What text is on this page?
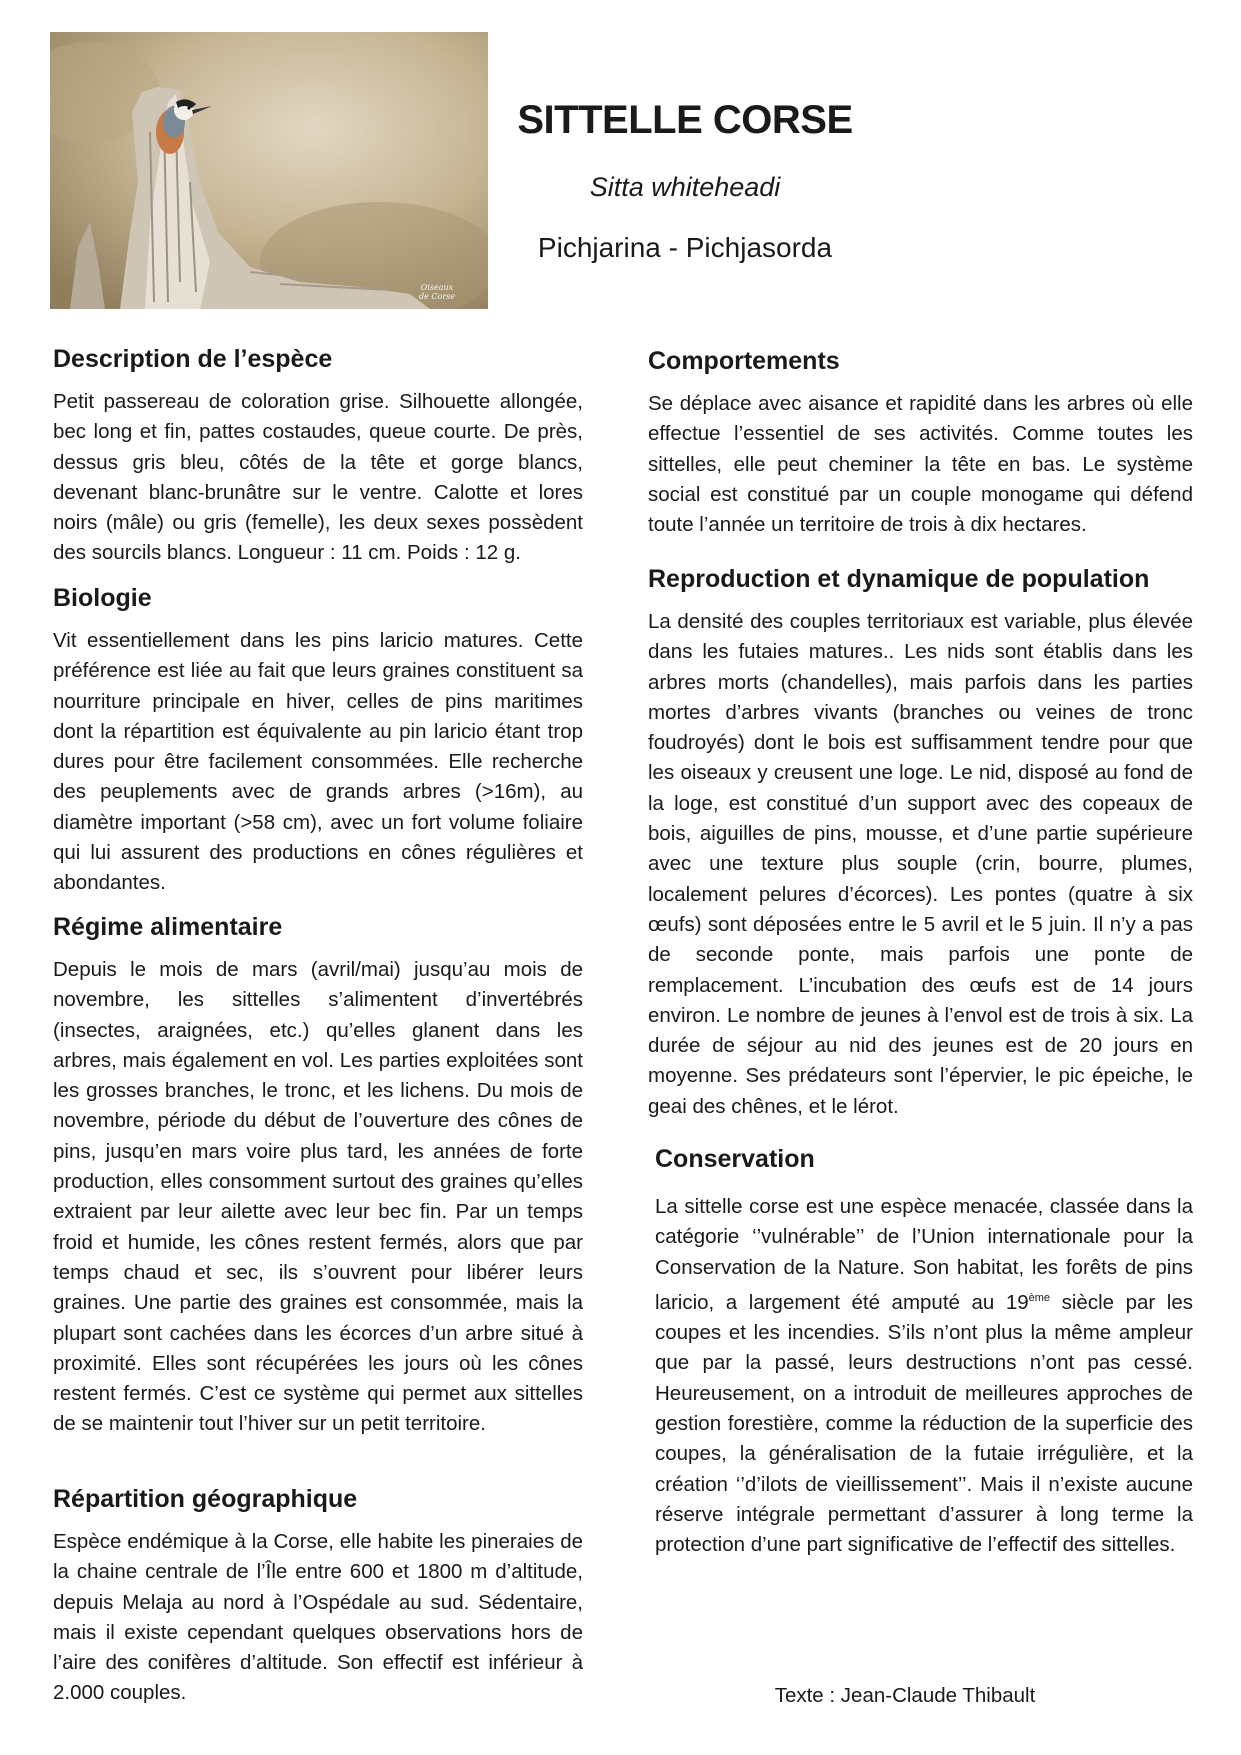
Oiseaux de Corse
SITTELLE CORSE
Sitta whiteheadi
Pichjarina - Pichjasorda
Description de l’espèce

Petit passereau de coloration grise. Silhouette allongée, bec long et fin, pattes costaudes, queue courte. De près, dessus gris bleu, côtés de la tête et gorge blancs, devenant blanc-brunâtre sur le ventre. Calotte et lores noirs (mâle) ou gris (femelle), les deux sexes possèdent des sourcils blancs. Longueur : 11 cm. Poids : 12 g.

Biologie

Vit essentiellement dans les pins laricio matures. Cette préférence est liée au fait que leurs graines constituent sa nourriture principale en hiver, celles de pins maritimes dont la répartition est équivalente au pin laricio étant trop dures pour être facilement consommées. Elle recherche des peuplements avec de grands arbres (>16m), au diamètre important (>58 cm), avec un fort volume foliaire qui lui assurent des productions en cônes régulières et abondantes.

Régime alimentaire

Depuis le mois de mars (avril/mai) jusqu’au mois de novembre, les sittelles s’alimentent d’invertébrés (insectes, araignées, etc.) qu’elles glanent dans les arbres, mais également en vol. Les parties exploitées sont les grosses branches, le tronc, et les lichens. Du mois de novembre, période du début de l’ouverture des cônes de pins, jusqu’en mars voire plus tard, les années de forte production, elles consomment surtout des graines qu’elles extraient par leur ailette avec leur bec fin. Par un temps froid et humide, les cônes restent fermés, alors que par temps chaud et sec, ils s’ouvrent pour libérer leurs graines. Une partie des graines est consommée, mais la plupart sont cachées dans les écorces d’un arbre situé à proximité. Elles sont récupérées les jours où les cônes restent fermés. C’est ce système qui permet aux sittelles de se maintenir tout l’hiver sur un petit territoire.

Répartition géographique

Espèce endémique à la Corse, elle habite les pineraies de la chaine centrale de l’Île entre 600 et 1800 m d’altitude, depuis Melaja au nord à l’Ospédale au sud. Sédentaire, mais il existe cependant quelques observations hors de l’aire des conifères d’altitude. Son effectif est inférieur à 2.000 couples.

Comportements

Se déplace avec aisance et rapidité dans les arbres où elle effectue l’essentiel de ses activités. Comme toutes les sittelles, elle peut cheminer la tête en bas. Le système social est constitué par un couple monogame qui défend toute l’année un territoire de trois à dix hectares.

Reproduction et dynamique de population

La densité des couples territoriaux est variable, plus élevée dans les futaies matures.. Les nids sont établis dans les arbres morts (chandelles), mais parfois dans les parties mortes d’arbres vivants (branches ou veines de tronc foudroyés) dont le bois est suffisamment tendre pour que les oiseaux y creusent une loge. Le nid, disposé au fond de la loge, est constitué d’un support avec des copeaux de bois, aiguilles de pins, mousse, et d’une partie supérieure avec une texture plus souple (crin, bourre, plumes, localement pelures d’écorces). Les pontes (quatre à six œufs) sont déposées entre le 5 avril et le 5 juin. Il n’y a pas de seconde ponte, mais parfois une ponte de remplacement. L’incubation des œufs est de 14 jours environ. Le nombre de jeunes à l’envol est de trois à six. La durée de séjour au nid des jeunes est de 20 jours en moyenne. Ses prédateurs sont l’épervier, le pic épeiche, le geai des chênes, et le lérot.

Conservation

La sittelle corse est une espèce menacée, classée dans la catégorie ‘’vulnérable’’ de l’Union internationale pour la Conservation de la Nature. Son habitat, les forêts de pins laricio, a largement été amputé au 19ème siècle par les coupes et les incendies. S’ils n’ont plus la même ampleur que par la passé, leurs destructions n’ont pas cessé. Heureusement, on a introduit de meilleures approches de gestion forestière, comme la réduction de la superficie des coupes, la généralisation de la futaie irrégulière, et la création ‘’d’ilots de vieillissement’’. Mais il n’existe aucune réserve intégrale permettant d’assurer à long terme la protection d’une part significative de l’effectif des sittelles.

Texte : Jean-Claude Thibault
